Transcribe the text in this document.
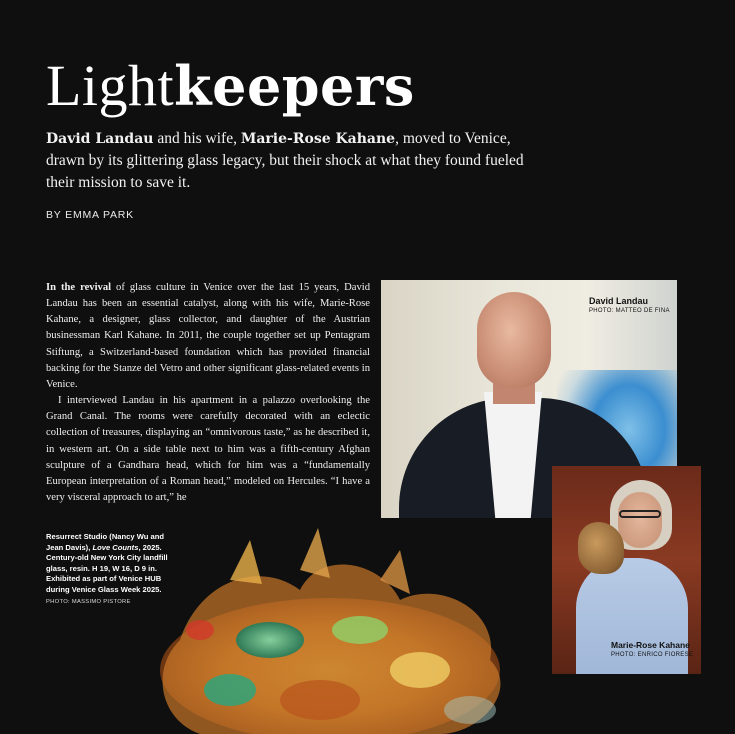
Lightkeepers

David Landau and his wife, Marie-Rose Kahane, moved to Venice, drawn by its glittering glass legacy, but their shock at what they found fueled their mission to save it.

BY EMMA PARK

In the revival of glass culture in Venice over the last 15 years, David Landau has been an essential catalyst, along with his wife, Marie-Rose Kahane, a designer, glass collector, and daughter of the Austrian businessman Karl Kahane. In 2011, the couple together set up Pentagram Stiftung, a Switzerland-based foundation which has provided financial backing for the Stanze del Vetro and other significant glass-related events in Venice.

I interviewed Landau in his apartment in a palazzo overlooking the Grand Canal. The rooms were carefully decorated with an eclectic collection of treasures, displaying an “omnivorous taste,” as he described it, in western art. On a side table next to him was a fifth-century Afghan sculpture of a Gandhara head, which for him was a “fundamentally European interpretation of a Roman head,” modeled on Hercules. “I have a very visceral approach to art,” he

David Landau
PHOTO: MATTEO DE FINA
Marie-Rose Kahane
PHOTO: ENRICO FIORESE
Resurrect Studio (Nancy Wu and Jean Davis), Love Counts, 2025. Century-old New York City landfill glass, resin. H 19, W 16, D 9 in. Exhibited as part of Venice HUB during Venice Glass Week 2025.
PHOTO: MASSIMO PISTORE
